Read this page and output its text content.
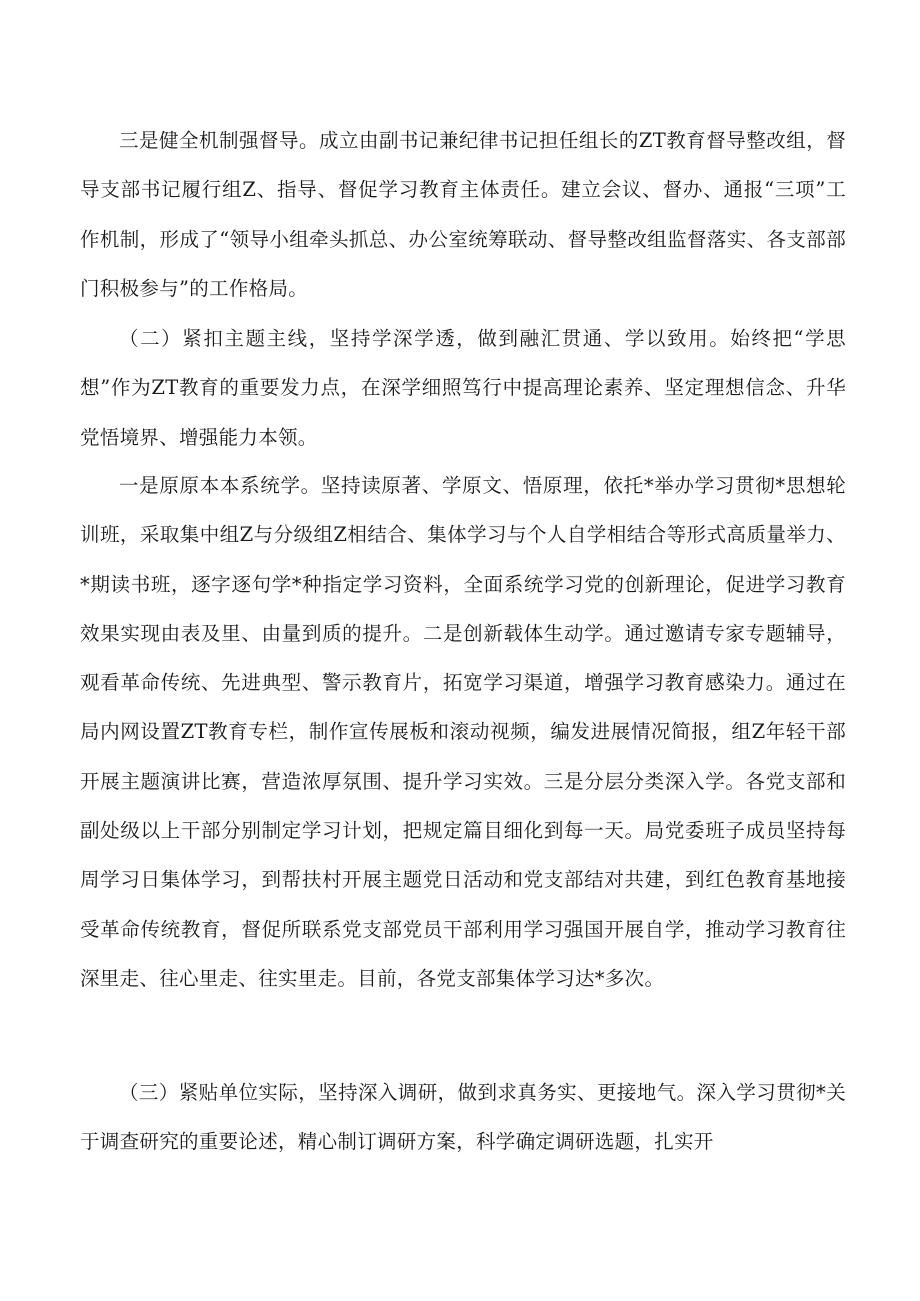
三是健全机制强督导。成立由副书记兼纪律书记担任组长的ZT教育督导整改组，督导支部书记履行组Z、指导、督促学习教育主体责任。建立会议、督办、通报“三项”工作机制，形成了“领导小组牵头抓总、办公室统筹联动、督导整改组监督落实、各支部部门积极参与”的工作格局。

（二）紧扣主题主线，坚持学深学透，做到融汇贯通、学以致用。始终把“学思想”作为ZT教育的重要发力点，在深学细照笃行中提高理论素养、坚定理想信念、升华党悟境界、增强能力本领。

一是原原本本系统学。坚持读原著、学原文、悟原理，依托*举办学习贯彻*思想轮训班，采取集中组Z与分级组Z相结合、集体学习与个人自学相结合等形式高质量举力、*期读书班，逐字逐句学*种指定学习资料，全面系统学习党的创新理论，促进学习教育效果实现由表及里、由量到质的提升。二是创新载体生动学。通过邀请专家专题辅导，观看革命传统、先进典型、警示教育片，拓宽学习渠道，增强学习教育感染力。通过在局内网设置ZT教育专栏，制作宣传展板和滚动视频，编发进展情况简报，组Z年轻干部开展主题演讲比赛，营造浓厚氛围、提升学习实效。三是分层分类深入学。各党支部和副处级以上干部分别制定学习计划，把规定篇目细化到每一天。局党委班子成员坚持每周学习日集体学习，到帮扶村开展主题党日活动和党支部结对共建，到红色教育基地接受革命传统教育，督促所联系党支部党员干部利用学习强国开展自学，推动学习教育往深里走、往心里走、往实里走。目前，各党支部集体学习达*多次。

（三）紧贴单位实际，坚持深入调研，做到求真务实、更接地气。深入学习贯彻*关于调查研究的重要论述，精心制订调研方案，科学确定调研选题，扎实开
